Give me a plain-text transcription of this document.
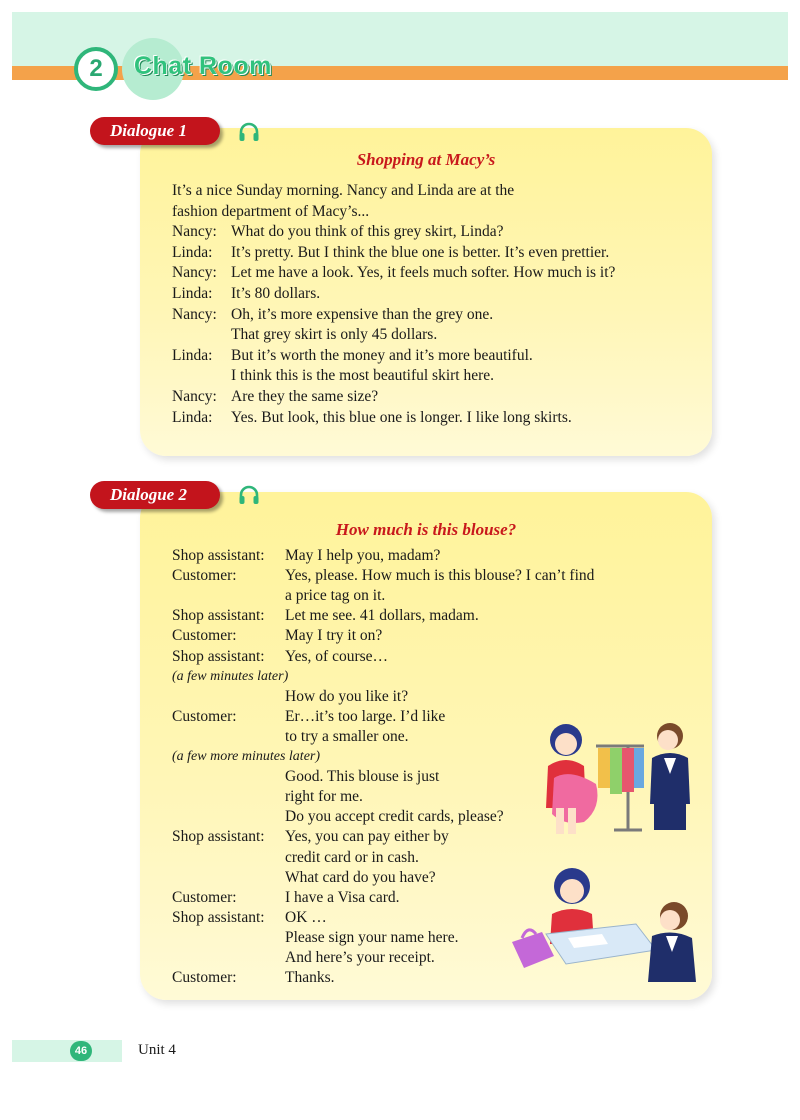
2	Chat Room
Shopping at Macy’s
It’s a nice Sunday morning. Nancy and Linda are at the
fashion department of Macy’s...
Nancy: What do you think of this grey skirt, Linda?
Linda: It’s pretty. But I think the blue one is better. It’s even prettier.
Nancy: Let me have a look. Yes, it feels much softer. How much is it?
Linda: It’s 80 dollars.
Nancy: Oh, it’s more expensive than the grey one.
That grey skirt is only 45 dollars.
Linda: But it’s worth the money and it’s more beautiful.
I think this is the most beautiful skirt here.
Nancy: Are they the same size?
Linda: Yes. But look, this blue one is longer. I like long skirts.
Dialogue 1
How much is this blouse?
Shop assistant: May I help you, madam?
Customer:	Yes, please. How much is this blouse? I can’t find
a price tag on it.
Shop assistant: Let me see. 41 dollars, madam.
Customer:	May I try it on?
Shop assistant: Yes, of course…
(a few minutes later)
How do you like it?
Customer:	Er…it’s too large. I’d like
to try a smaller one.
(a few more minutes later)
Good. This blouse is just
right for me.
Do you accept credit cards, please?
Shop assistant: Yes, you can pay either by
credit card or in cash.
What card do you have?
Customer:	I have a Visa card.
Shop assistant: OK …
Please sign your name here.
And here’s your receipt.
Customer:	Thanks.
Dialogue 2
46	Unit 4
